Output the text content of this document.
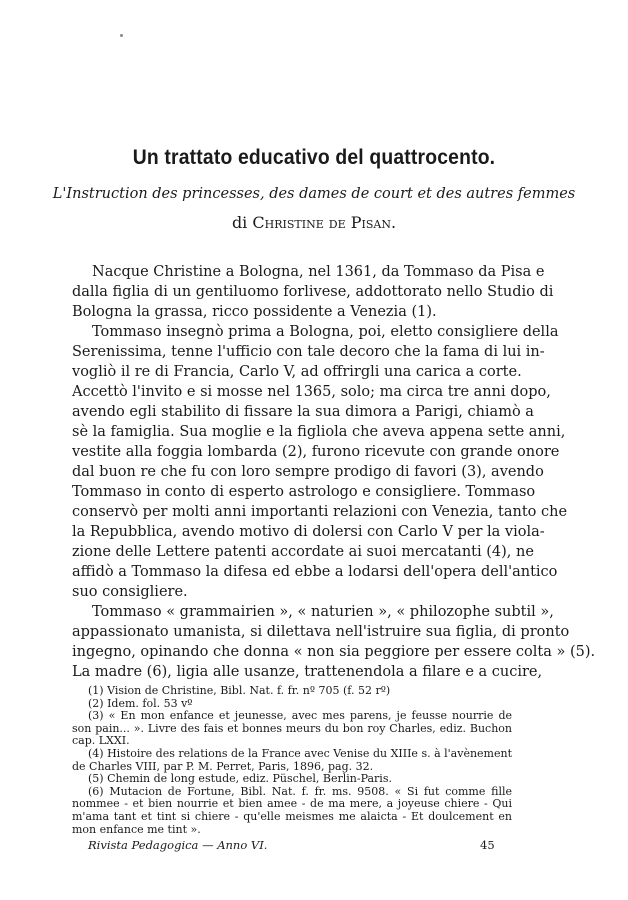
Un trattato educativo del quattrocento.

L'Instruction des princesses, des dames de court et des autres femmes

di Christine de Pisan.

Nacque Christine a Bologna, nel 1361, da Tommaso da Pisa e
dalla figlia di un gentiluomo forlivese, addottorato nello Studio di
Bologna la grassa, ricco possidente a Venezia (1).
Tommaso insegnò prima a Bologna, poi, eletto consigliere della
Serenissima, tenne l'ufficio con tale decoro che la fama di lui in-
vogliò il re di Francia, Carlo V, ad offrirgli una carica a corte.
Accettò l'invito e si mosse nel 1365, solo; ma circa tre anni dopo,
avendo egli stabilito di fissare la sua dimora a Parigi, chiamò a
sè la famiglia. Sua moglie e la figliola che aveva appena sette anni,
vestite alla foggia lombarda (2), furono ricevute con grande onore
dal buon re che fu con loro sempre prodigo di favori (3), avendo
Tommaso in conto di esperto astrologo e consigliere. Tommaso
conservò per molti anni importanti relazioni con Venezia, tanto che
la Repubblica, avendo motivo di dolersi con Carlo V per la viola-
zione delle Lettere patenti accordate ai suoi mercatanti (4), ne
affidò a Tommaso la difesa ed ebbe a lodarsi dell'opera dell'antico
suo consigliere.
Tommaso « grammairien », « naturien », « philozophe subtil »,
appassionato umanista, si dilettava nell'istruire sua figlia, di pronto
ingegno, opinando che donna « non sia peggiore per essere colta » (5).
La madre (6), ligia alle usanze, trattenendola a filare e a cucire,
(1) Vision de Christine, Bibl. Nat. f. fr. nº 705 (f. 52 rº)
(2) Idem. fol. 53 vº
(3) « En mon enfance et jeunesse, avec mes parens, je feusse nourrie de
son pain... ». Livre des fais et bonnes meurs du bon roy Charles, ediz. Buchon
cap. LXXI.
(4) Histoire des relations de la France avec Venise du XIIIe s. à l'avènement
de Charles VIII, par P. M. Perret, Paris, 1896, pag. 32.
(5) Chemin de long estude, ediz. Püschel, Berlin-Paris.
(6) Mutacion de Fortune, Bibl. Nat. f. fr. ms. 9508. « Si fut comme fille
nommee - et bien nourrie et bien amee - de ma mere, a joyeuse chiere - Qui
m'ama tant et tint si chiere - qu'elle meismes me alaicta - Et doulcement en
mon enfance me tint ».
Rivista Pedagogica — Anno VI.	45
